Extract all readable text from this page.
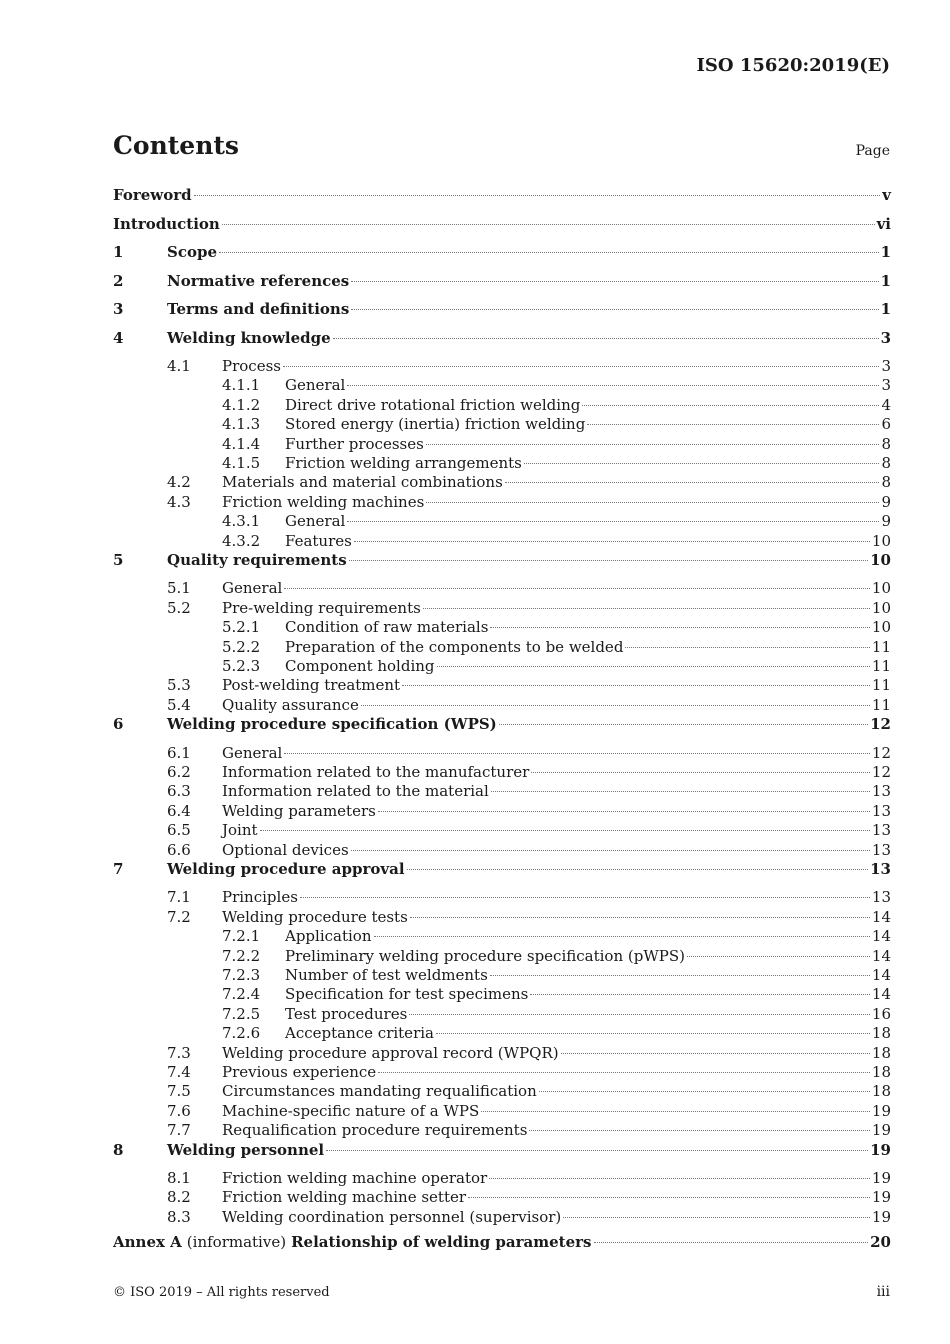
ISO 15620:2019(E)
Contents	Page
Foreword	v
Introduction	vi
1	Scope	1
2	Normative references	1
3	Terms and definitions	1
4	Welding knowledge	3
4.1	Process	3
4.1.1	General	3
4.1.2	Direct drive rotational friction welding	4
4.1.3	Stored energy (inertia) friction welding	6
4.1.4	Further processes	8
4.1.5	Friction welding arrangements	8
4.2	Materials and material combinations	8
4.3	Friction welding machines	9
4.3.1	General	9
4.3.2	Features	10
5	Quality requirements	10
5.1	General	10
5.2	Pre-welding requirements	10
5.2.1	Condition of raw materials	10
5.2.2	Preparation of the components to be welded	11
5.2.3	Component holding	11
5.3	Post-welding treatment	11
5.4	Quality assurance	11
6	Welding procedure specification (WPS)	12
6.1	General	12
6.2	Information related to the manufacturer	12
6.3	Information related to the material	13
6.4	Welding parameters	13
6.5	Joint	13
6.6	Optional devices	13
7	Welding procedure approval	13
7.1	Principles	13
7.2	Welding procedure tests	14
7.2.1	Application	14
7.2.2	Preliminary welding procedure specification (pWPS)	14
7.2.3	Number of test weldments	14
7.2.4	Specification for test specimens	14
7.2.5	Test procedures	16
7.2.6	Acceptance criteria	18
7.3	Welding procedure approval record (WPQR)	18
7.4	Previous experience	18
7.5	Circumstances mandating requalification	18
7.6	Machine-specific nature of a WPS	19
7.7	Requalification procedure requirements	19
8	Welding personnel	19
8.1	Friction welding machine operator	19
8.2	Friction welding machine setter	19
8.3	Welding coordination personnel (supervisor)	19
Annex A (informative) Relationship of welding parameters	20
© ISO 2019 – All rights reserved	iii
